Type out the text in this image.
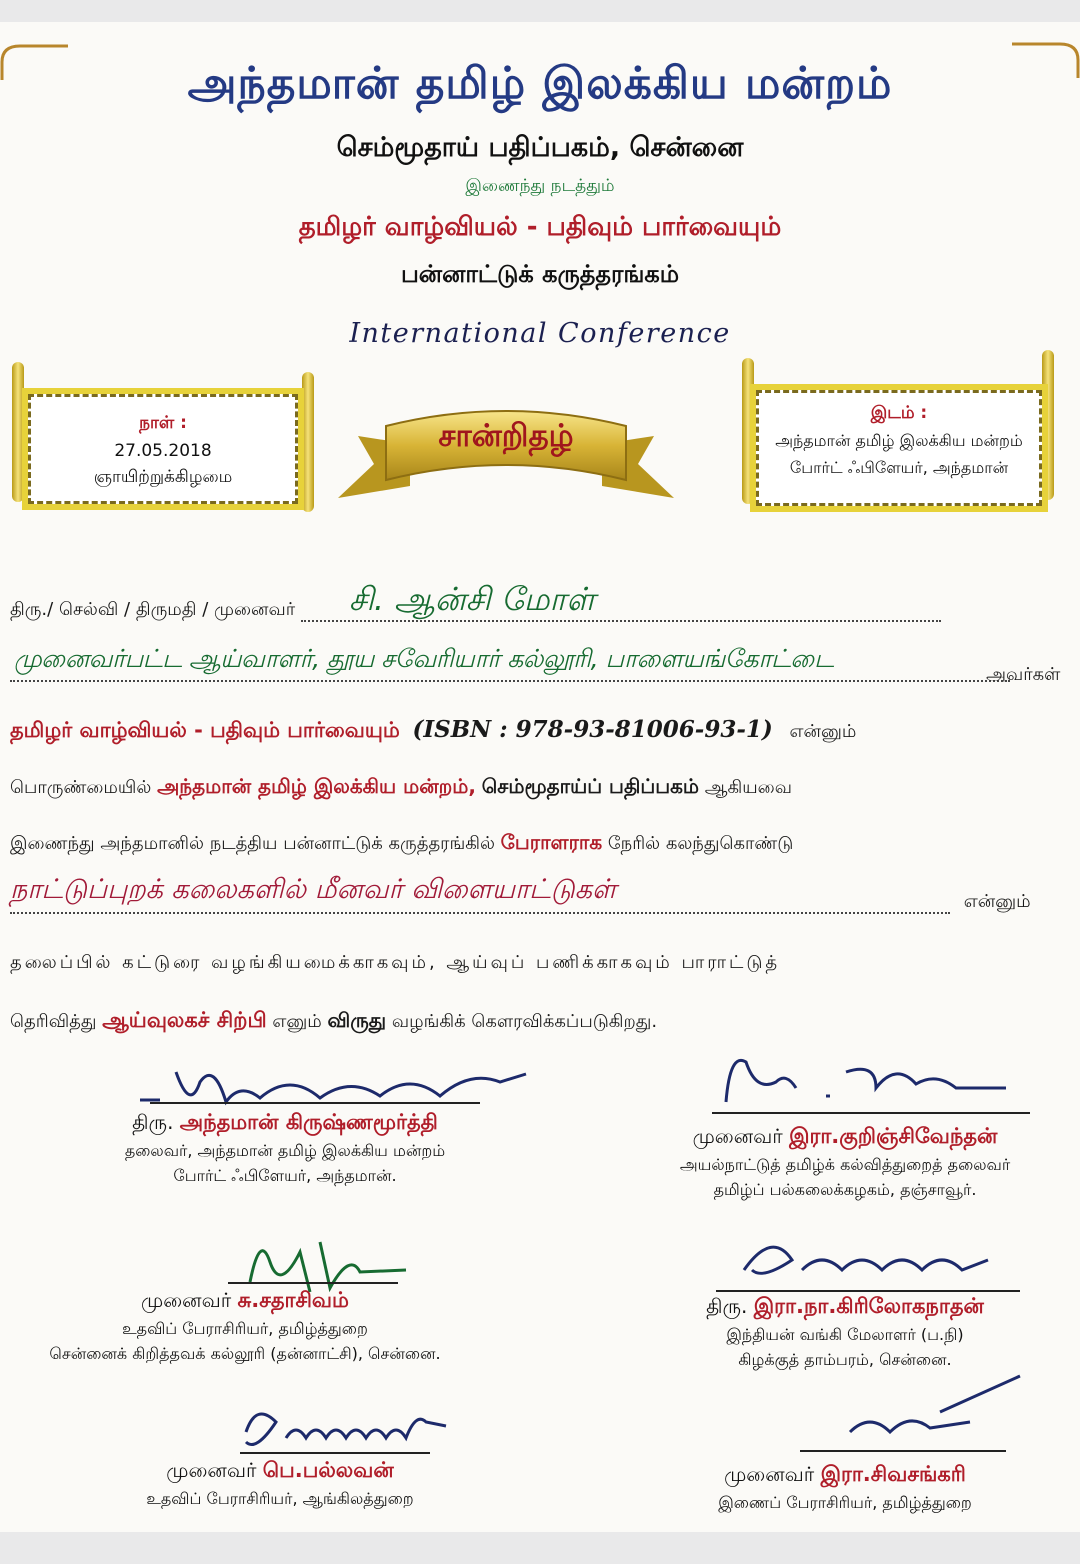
அந்தமான் தமிழ் இலக்கிய மன்றம்
செம்மூதாய் பதிப்பகம், சென்னை
இணைந்து நடத்தும்
தமிழர் வாழ்வியல் - பதிவும் பார்வையும்
பன்னாட்டுக் கருத்தரங்கம்
International Conference
நாள் :
27.05.2018
ஞாயிற்றுக்கிழமை
சான்றிதழ்
இடம் :
அந்தமான் தமிழ் இலக்கிய மன்றம்
போர்ட் ஃபிளேயர், அந்தமான்
திரு./ செல்வி / திருமதி / முனைவர் சி. ஆன்சி மோள்
முனைவர்பட்ட ஆய்வாளர், தூய சவேரியார் கல்லூரி, பாளையங்கோட்டை
அவர்கள்
தமிழர் வாழ்வியல் - பதிவும் பார்வையும் (ISBN : 978-93-81006-93-1) என்னும்
பொருண்மையில் அந்தமான் தமிழ் இலக்கிய மன்றம், செம்மூதாய்ப் பதிப்பகம் ஆகியவை
இணைந்து அந்தமானில் நடத்திய பன்னாட்டுக் கருத்தரங்கில் பேராளராக நேரில் கலந்துகொண்டு
நாட்டுப்புறக் கலைகளில் மீனவர் விளையாட்டுகள்	என்னும்
தலைப்பில் கட்டுரை வழங்கியமைக்காகவும், ஆய்வுப் பணிக்காகவும் பாராட்டுத்
தெரிவித்து ஆய்வுலகச் சிற்பி எனும் விருது வழங்கிக் கௌரவிக்கப்படுகிறது.
திரு. அந்தமான் கிருஷ்ணமூர்த்தி
தலைவர், அந்தமான் தமிழ் இலக்கிய மன்றம்
போர்ட் ஃபிளேயர், அந்தமான்.
முனைவர் இரா.குறிஞ்சிவேந்தன்
அயல்நாட்டுத் தமிழ்க் கல்வித்துறைத் தலைவர்
தமிழ்ப் பல்கலைக்கழகம், தஞ்சாவூர்.
முனைவர் சு.சதாசிவம்
உதவிப் பேராசிரியர், தமிழ்த்துறை
சென்னைக் கிறித்தவக் கல்லூரி (தன்னாட்சி), சென்னை.
திரு. இரா.நா.கிரிலோகநாதன்
இந்தியன் வங்கி மேலாளர் (ப.நி)
கிழக்குத் தாம்பரம், சென்னை.
முனைவர் பெ.பல்லவன்
உதவிப் பேராசிரியர், ஆங்கிலத்துறை
முனைவர் இரா.சிவசங்கரி
இணைப் பேராசிரியர், தமிழ்த்துறை
